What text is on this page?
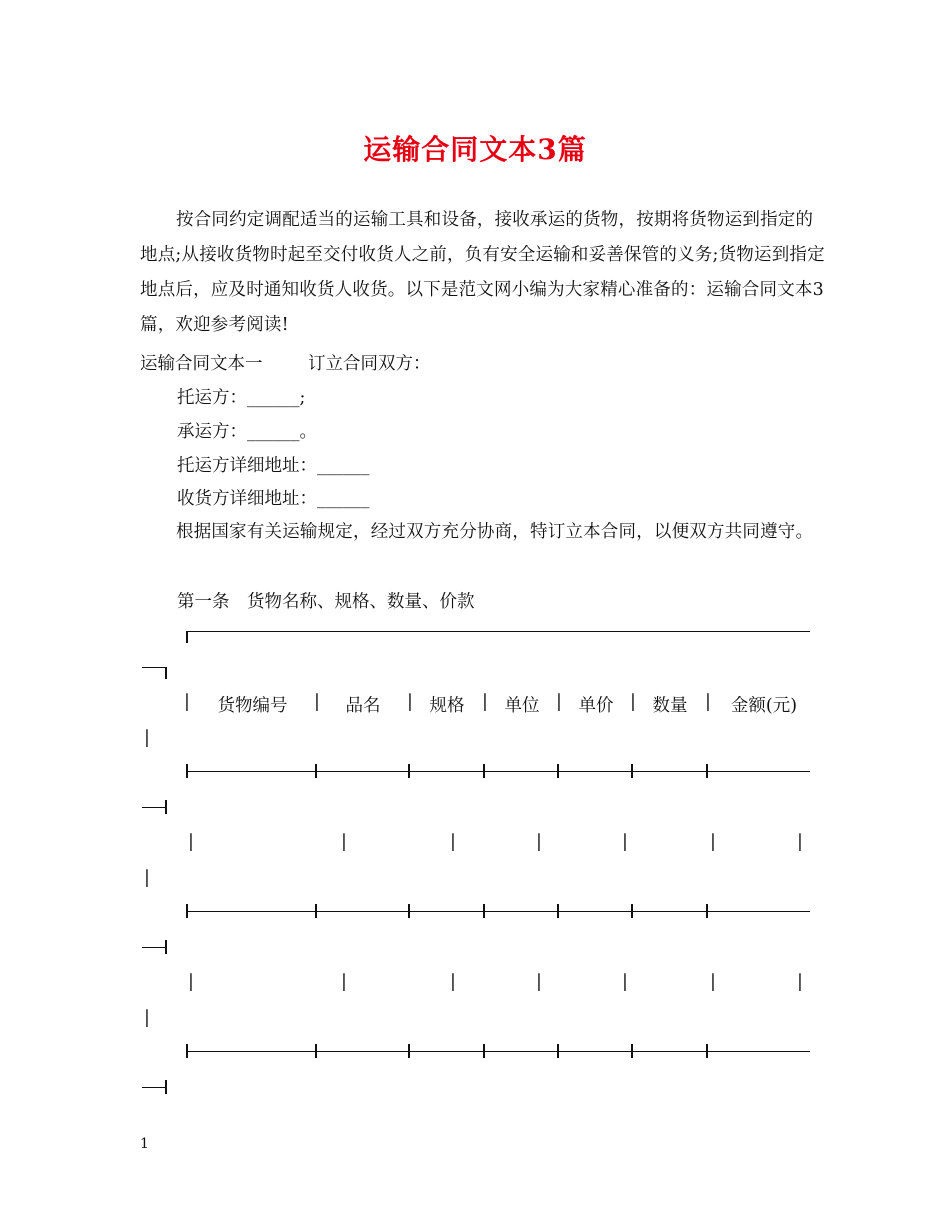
运输合同文本3篇

按合同约定调配适当的运输工具和设备，接收承运的货物，按期将货物运到指定的地点;从接收货物时起至交付收货人之前，负有安全运输和妥善保管的义务;货物运到指定地点后，应及时通知收货人收货。以下是范文网小编为大家精心准备的：运输合同文本3篇，欢迎参考阅读!

运输合同文本一	订立合同双方：
托运方：______;
承运方：______。
托运方详细地址：______
收货方详细地址：______

根据国家有关运输规定，经过双方充分协商，特订立本合同，以便双方共同遵守。

第一条　货物名称、规格、数量、价款
|	货物编号	|	品名	| 规格	| 单位 | 单价 | 数量	|	金额(元)
|
|	|	|	|	|	|	|
|
|	|	|	|	|	|	|
|
1
